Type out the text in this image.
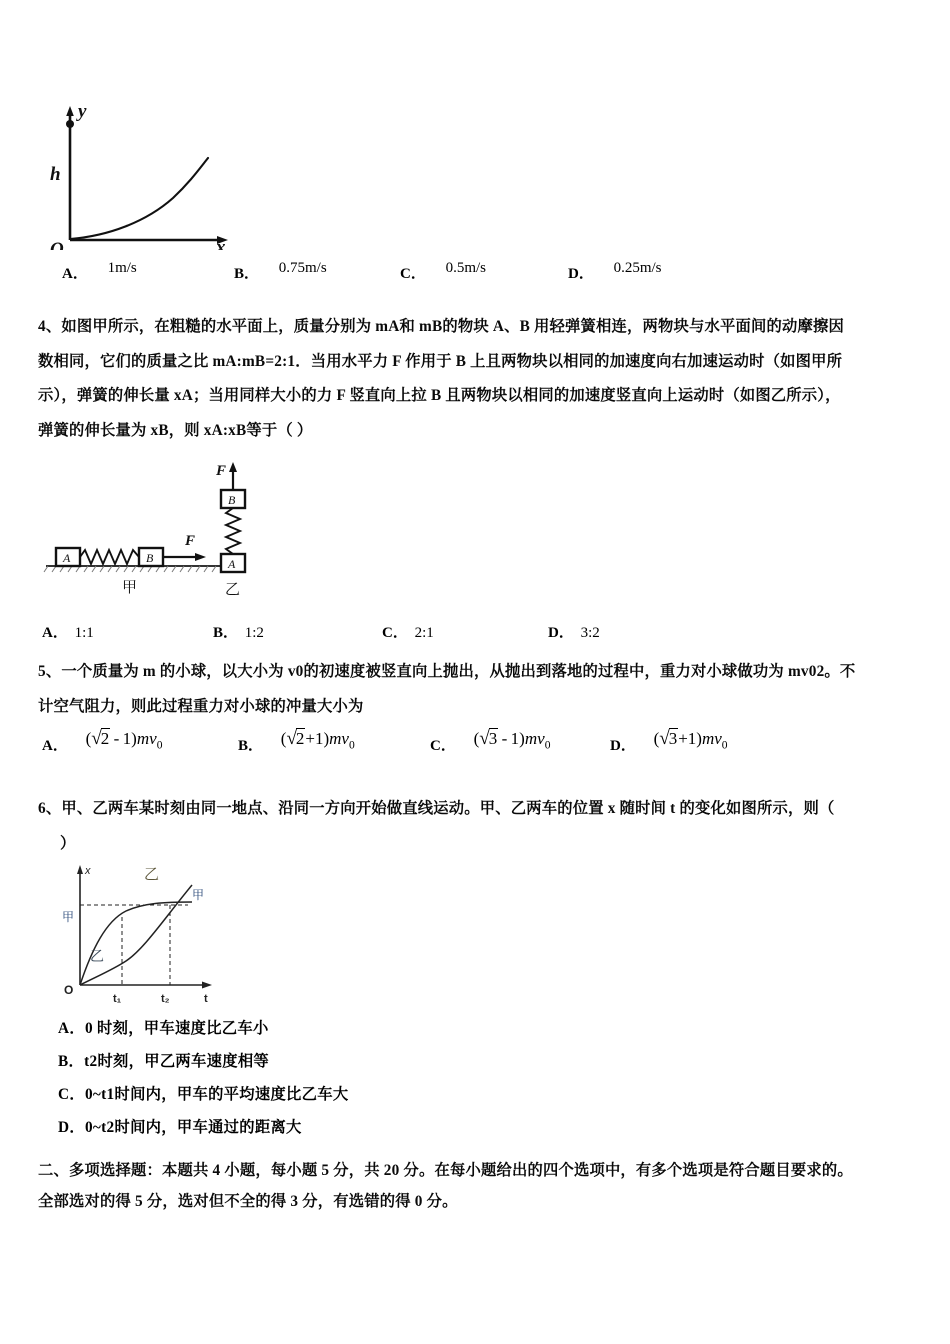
y
x
O
h
A． 1m/s	B． 0.75m/s	C． 0.5m/s	D． 0.25m/s
4、如图甲所示，在粗糙的水平面上，质量分别为 mA和 mB的物块 A、B 用轻弹簧相连，两物块与水平面间的动摩擦因
数相同，它们的质量之比 mA:mB=2:1．当用水平力 F 作用于 B 上且两物块以相同的加速度向右加速运动时（如图甲所
示），弹簧的伸长量 xA；当用同样大小的力 F 竖直向上拉 B 且两物块以相同的加速度竖直向上运动时（如图乙所示），
弹簧的伸长量为 xB，则 xA:xB等于（ ）
A	B
F
甲
F
B
A
乙
A． 1:1	B． 1:2	C． 2:1	D． 3:2
5、一个质量为 m 的小球，以大小为 v0的初速度被竖直向上抛出，从抛出到落地的过程中，重力对小球做功为 mv02。不
计空气阻力，则此过程重力对小球的冲量大小为
A． $(√2 - 1)mv_0$	B． $(√2+1)mv_0$	C． $(√3 - 1)mv_0$	D． $(√3+1)mv_0$
6、甲、乙两车某时刻由同一地点、沿同一方向开始做直线运动。甲、乙两车的位置 x 随时间 t 的变化如图所示，则（
）
x
t
O
t₁	t₂
甲
甲
乙
乙
A．0 时刻，甲车速度比乙车小
B．t2时刻，甲乙两车速度相等
C．0~t1时间内，甲车的平均速度比乙车大
D．0~t2时间内，甲车通过的距离大
二、多项选择题：本题共 4 小题，每小题 5 分，共 20 分。在每小题给出的四个选项中，有多个选项是符合题目要求的。
全部选对的得 5 分，选对但不全的得 3 分，有选错的得 0 分。
